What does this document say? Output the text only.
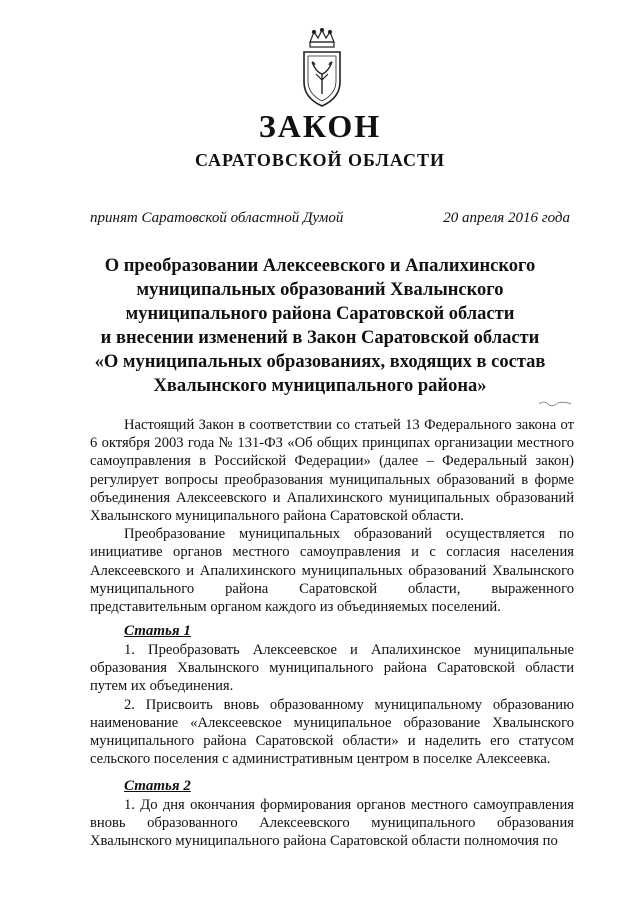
ЗАКОН
САРАТОВСКОЙ ОБЛАСТИ
принят Саратовской областной Думой	20 апреля 2016 года
О преобразовании Алексеевского и Апалихинского
муниципальных образований Хвалынского
муниципального района Саратовской области
и внесении изменений в Закон Саратовской области
«О муниципальных образованиях, входящих в состав
Хвалынского муниципального района»

Настоящий Закон в соответствии со статьей 13 Федерального закона от 6 октября 2003 года № 131-ФЗ «Об общих принципах организации местного самоуправления в Российской Федерации» (далее – Федеральный закон) регулирует вопросы преобразования муниципальных образований в форме объединения Алексеевского и Апалихинского муниципальных образований Хвалынского муниципального района Саратовской области.

Преобразование муниципальных образований осуществляется по инициативе органов местного самоуправления и с согласия населения Алексеевского и Апалихинского муниципальных образований Хвалынского муниципального района Саратовской области, выраженного представительным органом каждого из объединяемых поселений.

Статья 1

1. Преобразовать Алексеевское и Апалихинское муниципальные образования Хвалынского муниципального района Саратовской области путем их объединения.

2. Присвоить вновь образованному муниципальному образованию наименование «Алексеевское муниципальное образование Хвалынского муниципального района Саратовской области» и наделить его статусом сельского поселения с административным центром в поселке Алексеевка.

Статья 2

1. До дня окончания формирования органов местного самоуправления вновь образованного Алексеевского муниципального образования Хвалынского муниципального района Саратовской области полномочия по
